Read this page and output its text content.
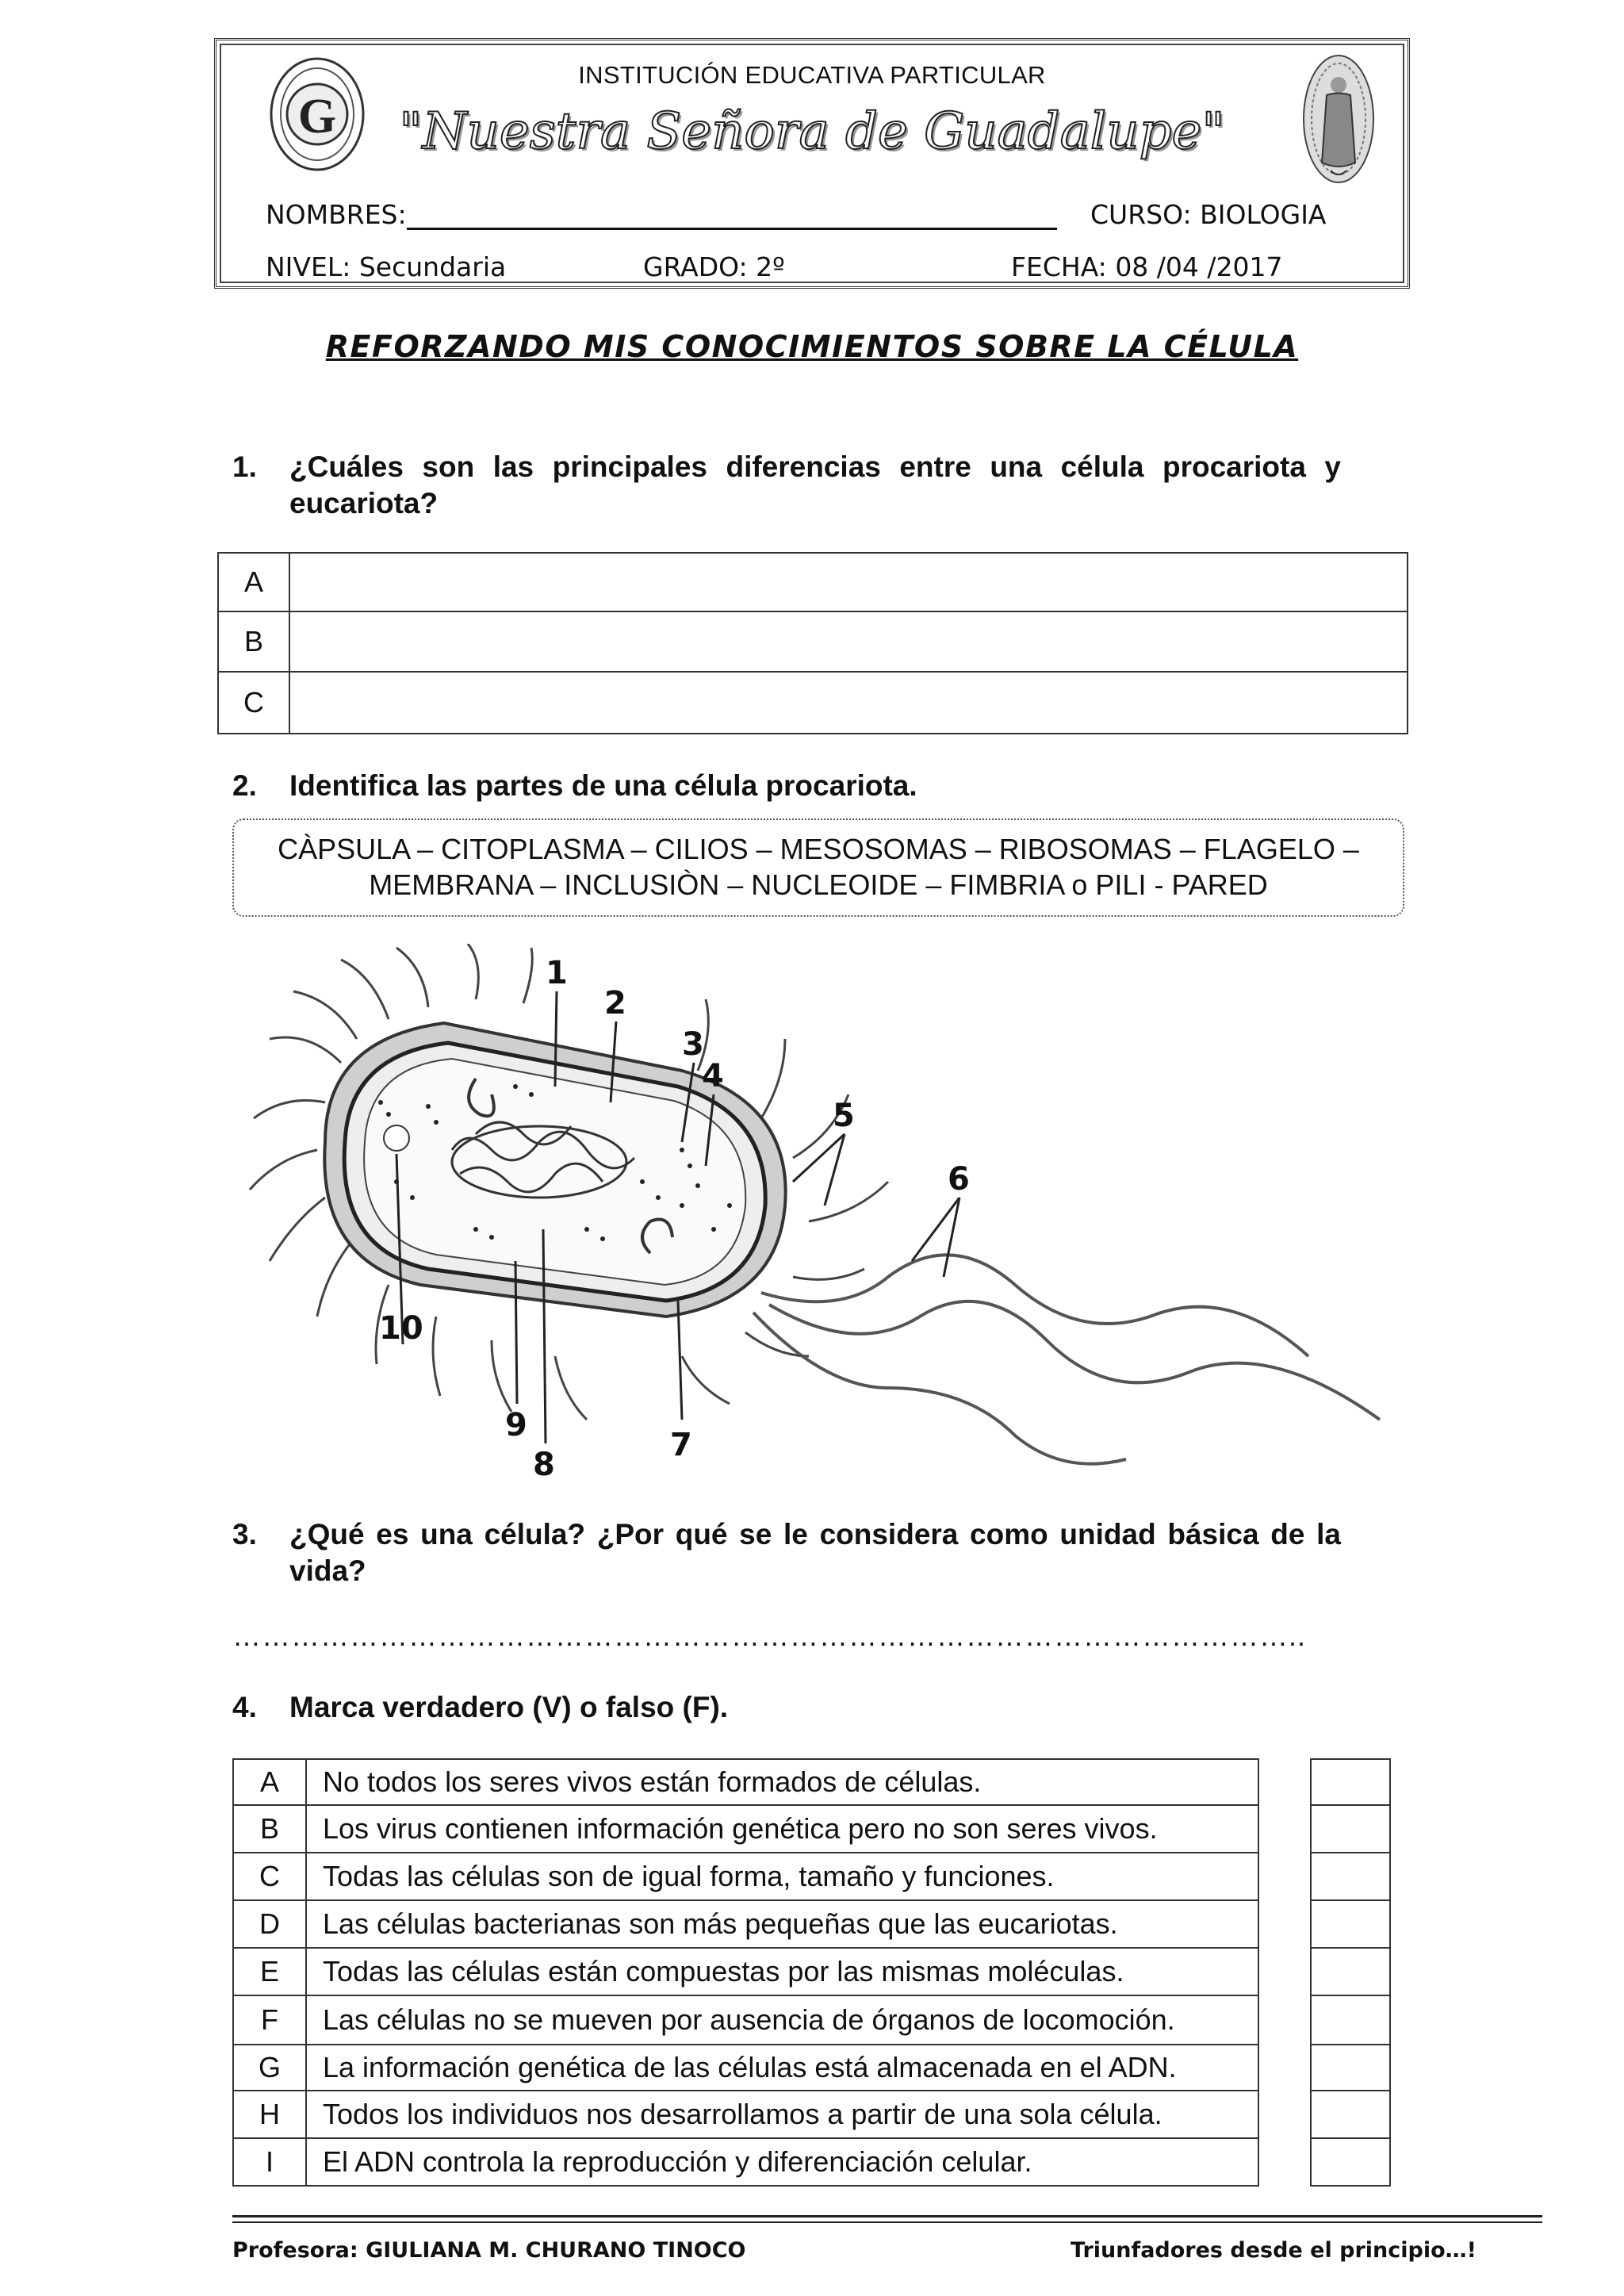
G
INSTITUCIÓN EDUCATIVA PARTICULAR
"Nuestra Señora de Guadalupe"
NOMBRES:	CURSO: BIOLOGIA
NIVEL: Secundaria	GRADO: 2º	FECHA: 08 /04 /2017
REFORZANDO MIS CONOCIMIENTOS SOBRE LA CÉLULA
1. ¿Cuáles son las principales diferencias entre una célula procariota y eucariota?
A	
B	
C	
2. Identifica las partes de una célula procariota.
CÀPSULA – CITOPLASMA – CILIOS – MESOSOMAS – RIBOSOMAS – FLAGELO –
MEMBRANA – INCLUSIÒN – NUCLEOIDE – FIMBRIA o PILI - PARED
1
2
3
4
5
6
7
8
9
10
3. ¿Qué es una célula? ¿Por qué se le considera como unidad básica de la vida?
………………………………………………………………………………………………..
4. Marca verdadero (V) o falso (F).
A	No todos los seres vivos están formados de células.
B	Los virus contienen información genética pero no son seres vivos.
C	Todas las células son de igual forma, tamaño y funciones.
D	Las células bacterianas son más pequeñas que las eucariotas.
E	Todas las células están compuestas por las mismas moléculas.
F	Las células no se mueven por ausencia de órganos de locomoción.
G	La información genética de las células está almacenada en el ADN.
H	Todos los individuos nos desarrollamos a partir de una sola célula.
I	El ADN controla la reproducción y diferenciación celular.

Profesora: GIULIANA M. CHURANO TINOCO	Triunfadores desde el principio…!
